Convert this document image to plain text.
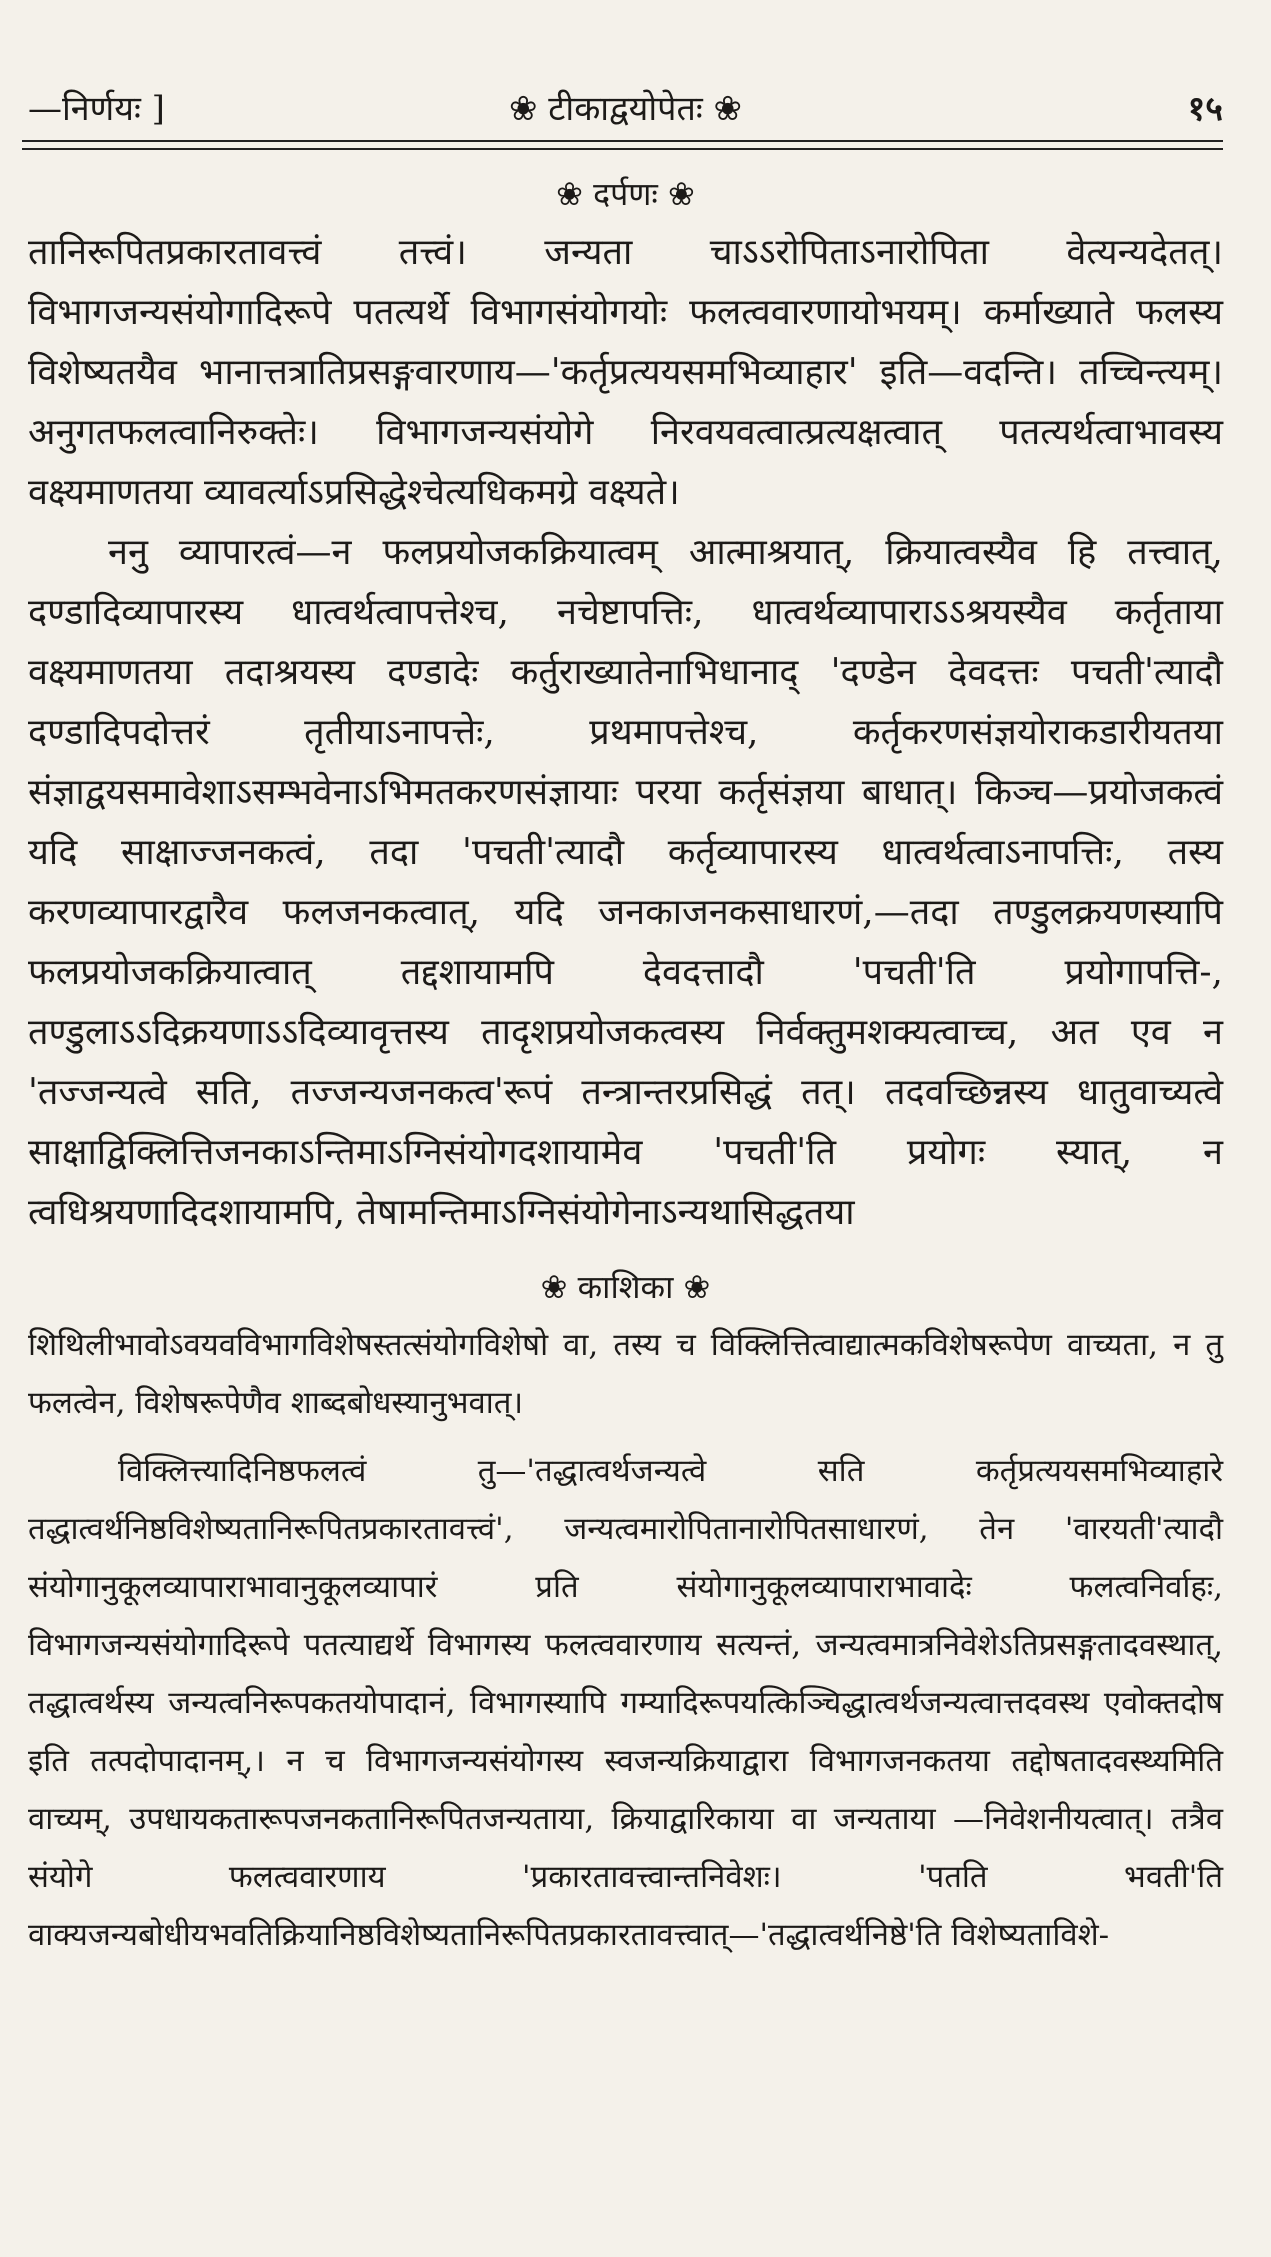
—निर्णयः ]	❀ टीकाद्वयोपेतः ❀	१५
❀ दर्पणः ❀

तानिरूपितप्रकारतावत्त्वं तत्त्वं। जन्यता चाऽऽरोपिताऽनारोपिता वेत्यन्यदेतत्। विभागजन्यसंयोगादिरूपे पतत्यर्थे विभागसंयोगयोः फलत्ववारणायोभयम्। कर्माख्याते फलस्य विशेष्यतयैव भानात्तत्रातिप्रसङ्गवारणाय—'कर्तृप्रत्ययसमभिव्याहार' इति—वदन्ति। तच्चिन्त्यम्। अनुगतफलत्वानिरुक्तेः। विभागजन्यसंयोगे निरवयवत्वात्प्रत्यक्षत्वात् पतत्यर्थत्वाभावस्य वक्ष्यमाणतया व्यावर्त्याऽप्रसिद्धेश्चेत्यधिकमग्रे वक्ष्यते।

ननु व्यापारत्वं—न फलप्रयोजकक्रियात्वम् आत्माश्रयात्, क्रियात्वस्यैव हि तत्त्वात्, दण्डादिव्यापारस्य धात्वर्थत्वापत्तेश्च, नचेष्टापत्तिः, धात्वर्थव्यापाराऽऽश्रयस्यैव कर्तृताया वक्ष्यमाणतया तदाश्रयस्य दण्डादेः कर्तुराख्यातेनाभिधानाद् 'दण्डेन देवदत्तः पचती'त्यादौ दण्डादिपदोत्तरं तृतीयाऽनापत्तेः, प्रथमापत्तेश्च, कर्तृकरणसंज्ञयोराकडारीयतया संज्ञाद्वयसमावेशाऽसम्भवेनाऽभिमतकरणसंज्ञायाः परया कर्तृसंज्ञया बाधात्। किञ्च—प्रयोजकत्वं यदि साक्षाज्जनकत्वं, तदा 'पचती'त्यादौ कर्तृव्यापारस्य धात्वर्थत्वाऽनापत्तिः, तस्य करणव्यापारद्वारैव फलजनकत्वात्, यदि जनकाजनकसाधारणं,—तदा तण्डुलक्रयणस्यापि फलप्रयोजकक्रियात्वात् तद्दशायामपि देवदत्तादौ 'पचती'ति प्रयोगापत्ति-, तण्डुलाऽऽदिक्रयणाऽऽदिव्यावृत्तस्य तादृशप्रयोजकत्वस्य निर्वक्तुमशक्यत्वाच्च, अत एव न 'तज्जन्यत्वे सति, तज्जन्यजनकत्व'रूपं तन्त्रान्तरप्रसिद्धं तत्। तदवच्छिन्नस्य धातुवाच्यत्वे साक्षाद्विक्लित्तिजनकाऽन्तिमाऽग्निसंयोगदशायामेव 'पचती'ति प्रयोगः स्यात्, न त्वधिश्रयणादिदशायामपि, तेषामन्तिमाऽग्निसंयोगेनाऽन्यथासिद्धतया

❀ काशिका ❀

शिथिलीभावोऽवयवविभागविशेषस्तत्संयोगविशेषो वा, तस्य च विक्लित्तित्वाद्यात्मकविशेषरूपेण वाच्यता, न तु फलत्वेन, विशेषरूपेणैव शाब्दबोधस्यानुभवात्।

विक्लित्त्यादिनिष्ठफलत्वं तु—'तद्धात्वर्थजन्यत्वे सति कर्तृप्रत्ययसमभिव्याहारे तद्धात्वर्थनिष्ठविशेष्यतानिरूपितप्रकारतावत्त्वं', जन्यत्वमारोपितानारोपितसाधारणं, तेन 'वारयती'त्यादौ संयोगानुकूलव्यापाराभावानुकूलव्यापारं प्रति संयोगानुकूलव्यापाराभावादेः फलत्वनिर्वाहः, विभागजन्यसंयोगादिरूपे पतत्याद्यर्थे विभागस्य फलत्ववारणाय सत्यन्तं, जन्यत्वमात्रनिवेशेऽतिप्रसङ्गतादवस्थात्, तद्धात्वर्थस्य जन्यत्वनिरूपकतयोपादानं, विभागस्यापि गम्यादिरूपयत्किञ्चिद्धात्वर्थजन्यत्वात्तदवस्थ एवोक्तदोष इति तत्पदोपादानम्,। न च विभागजन्यसंयोगस्य स्वजन्यक्रियाद्वारा विभागजनकतया तद्दोषतादवस्थ्यमिति वाच्यम्, उपधायकतारूपजनकतानिरूपितजन्यताया, क्रियाद्वारिकाया वा जन्यताया —निवेशनीयत्वात्। तत्रैव संयोगे फलत्ववारणाय 'प्रकारतावत्त्वान्तनिवेशः। 'पतति भवती'ति वाक्यजन्यबोधीयभवतिक्रियानिष्ठविशेष्यतानिरूपितप्रकारतावत्त्वात्—'तद्धात्वर्थनिष्ठे'ति विशेष्यताविशे-
